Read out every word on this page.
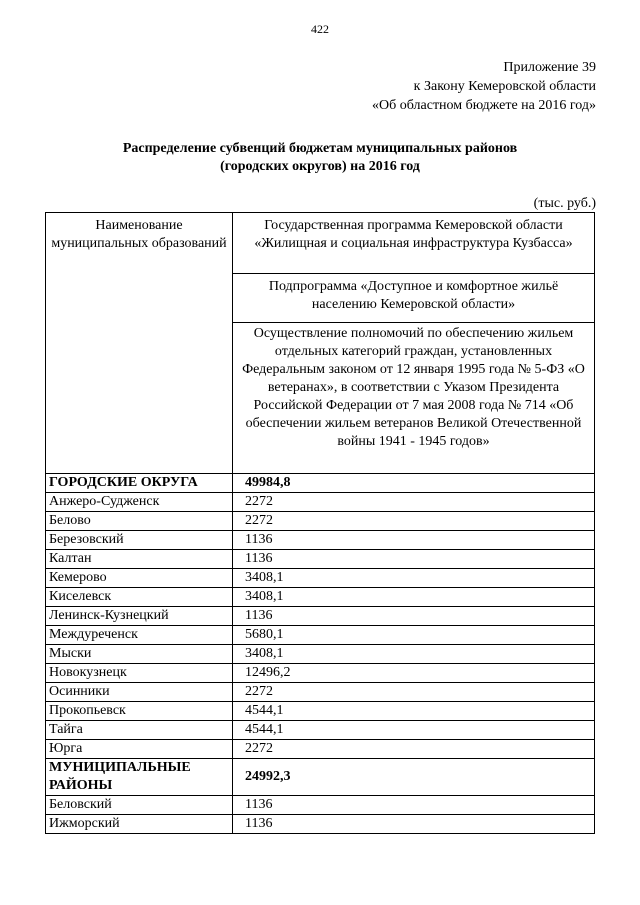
422
Приложение 39
к Закону Кемеровской области
«Об областном бюджете на 2016 год»
Распределение субвенций бюджетам муниципальных районов
(городских округов) на 2016 год
(тыс. руб.)
Наименование муниципальных образований	Государственная программа Кемеровской области «Жилищная и социальная инфраструктура Кузбасса»
	Подпрограмма «Доступное и комфортное жильё населению Кемеровской области»
	Осуществление полномочий по обеспечению жильем отдельных категорий граждан, установленных Федеральным законом от 12 января 1995 года № 5-ФЗ «О ветеранах», в соответствии с Указом Президента Российской Федерации от 7 мая 2008 года № 714 «Об обеспечении жильем ветеранов Великой Отечественной войны 1941 - 1945 годов»
ГОРОДСКИЕ ОКРУГА	49984,8
Анжеро-Судженск	2272
Белово	2272
Березовский	1136
Калтан	1136
Кемерово	3408,1
Киселевск	3408,1
Ленинск-Кузнецкий	1136
Междуреченск	5680,1
Мыски	3408,1
Новокузнецк	12496,2
Осинники	2272
Прокопьевск	4544,1
Тайга	4544,1
Юрга	2272
МУНИЦИПАЛЬНЫЕ РАЙОНЫ	24992,3
Беловский	1136
Ижморский	1136
